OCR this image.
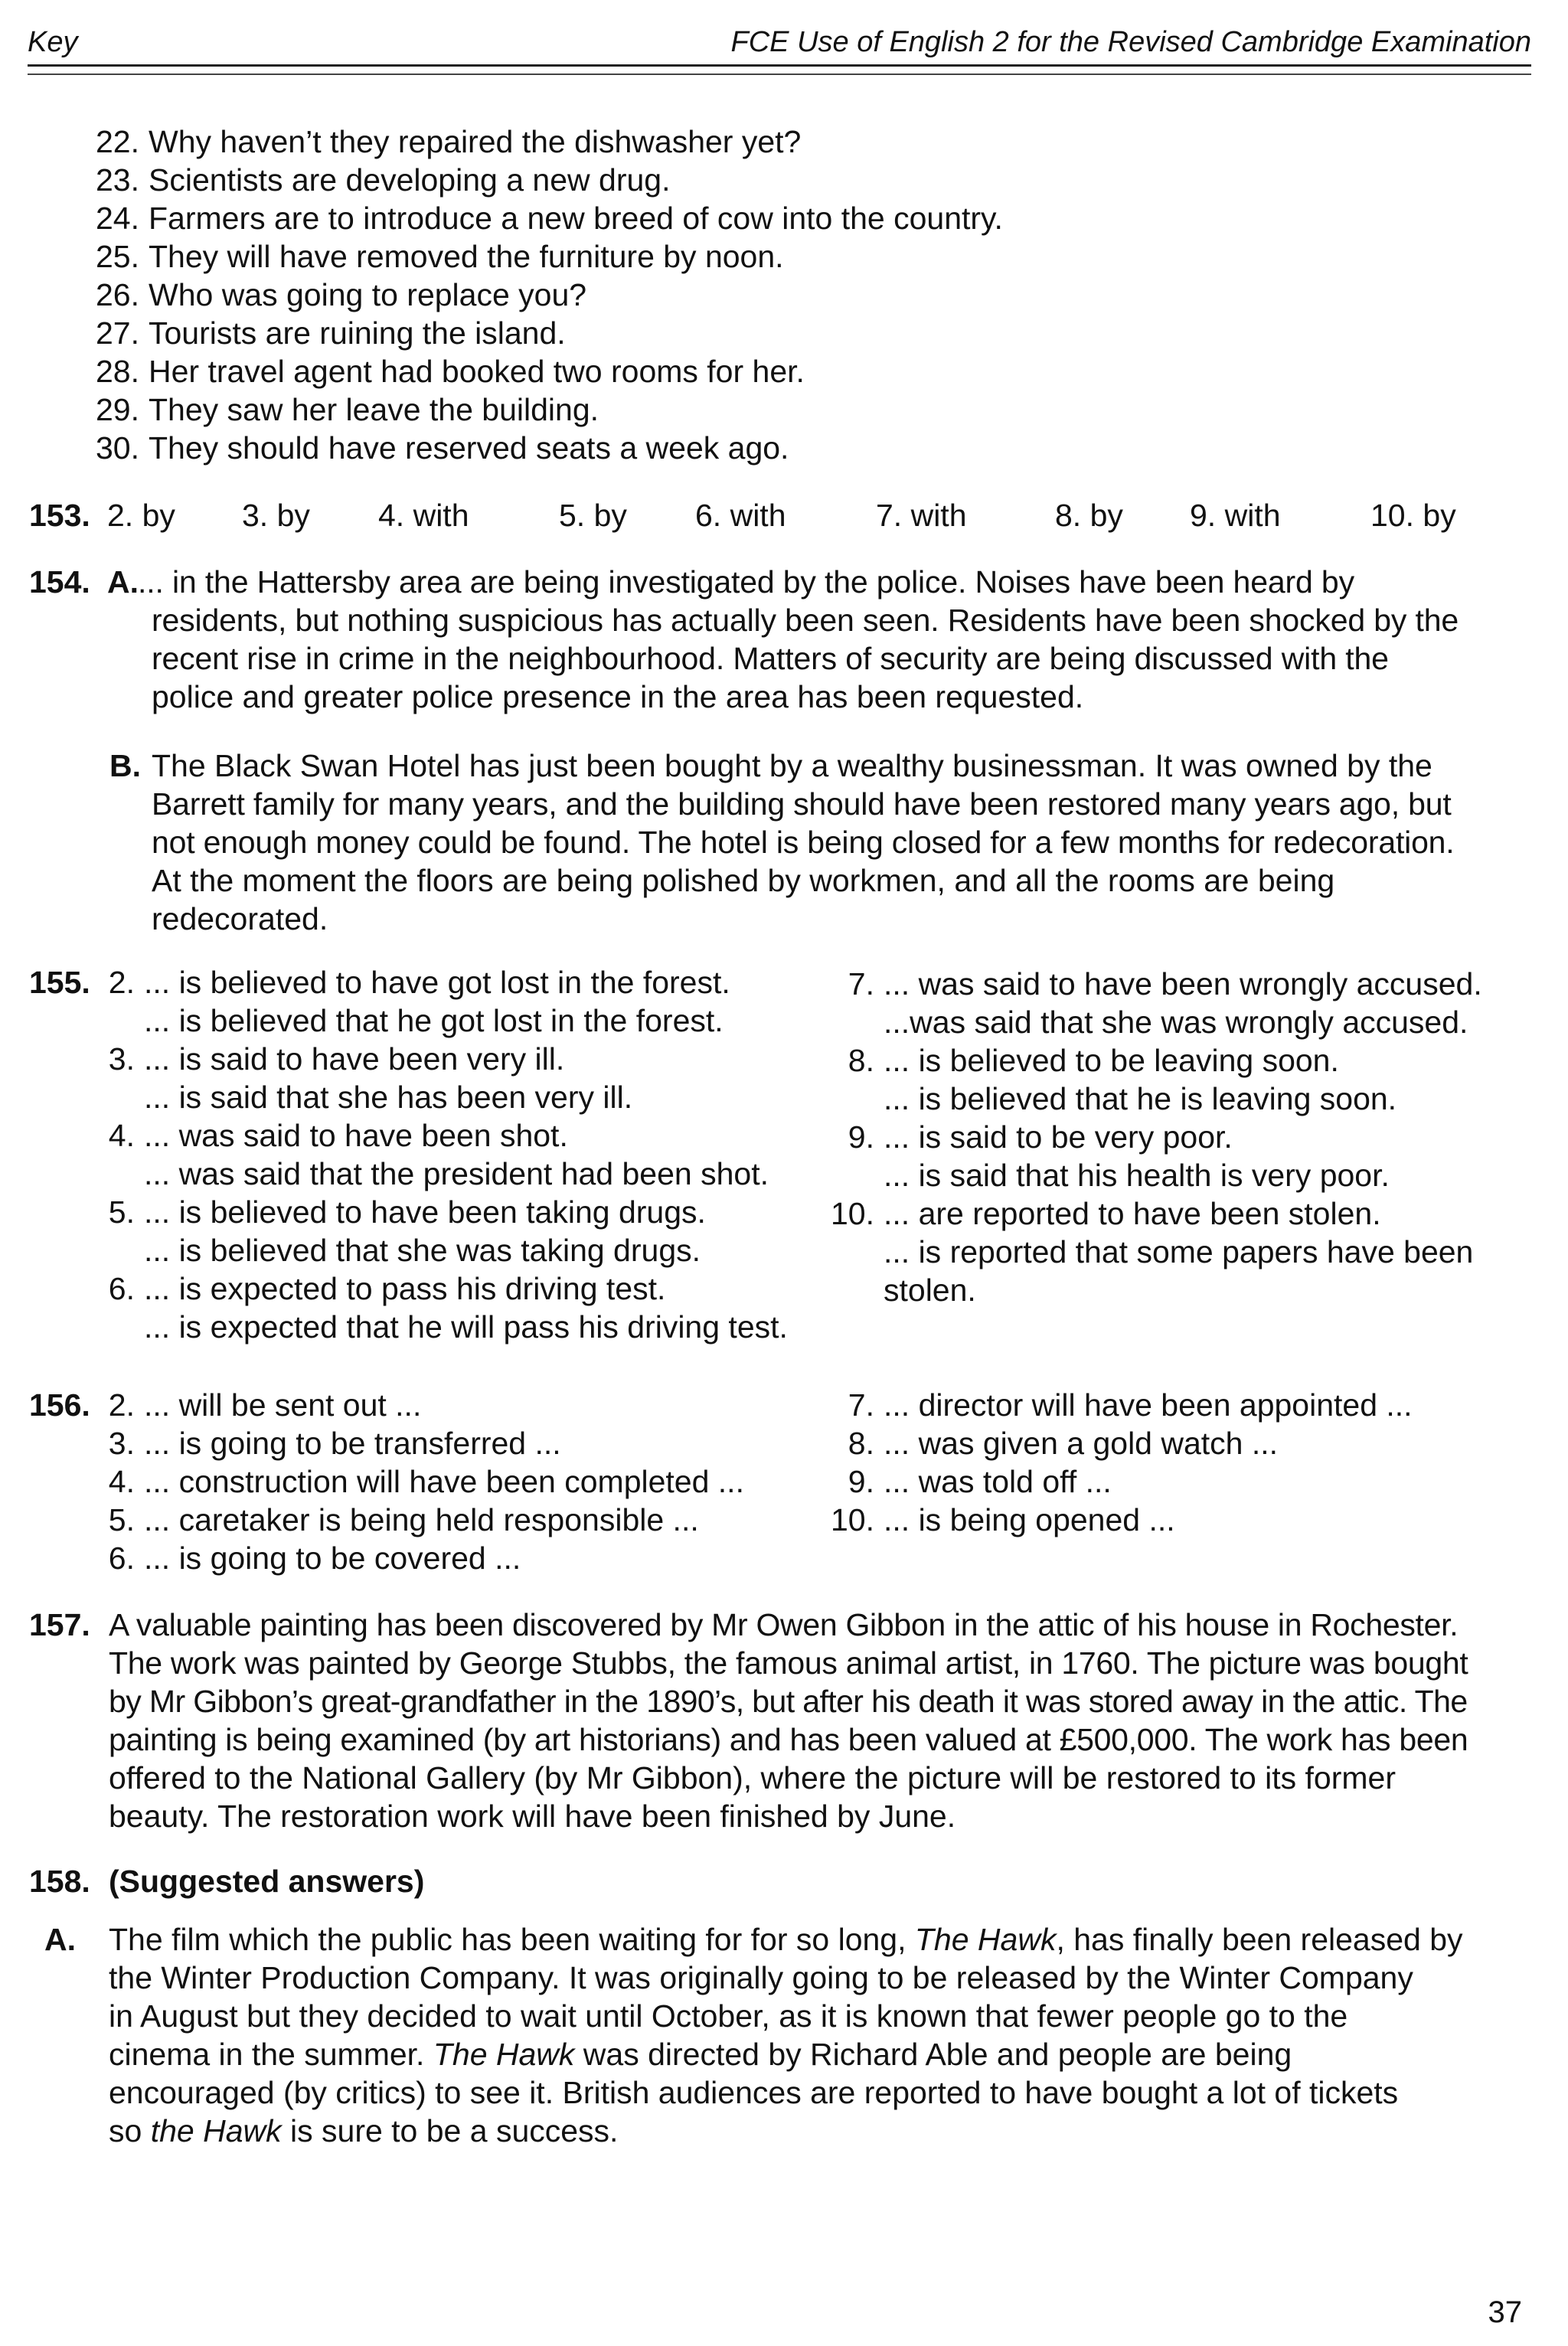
Key	FCE Use of English 2 for the Revised Cambridge Examination
22. Why haven’t they repaired the dishwasher yet?
23. Scientists are developing a new drug.
24. Farmers are to introduce a new breed of cow into the country.
25. They will have removed the furniture by noon.
26. Who was going to replace you?
27. Tourists are ruining the island.
28. Her travel agent had booked two rooms for her.
29. They saw her leave the building.
30. They should have reserved seats a week ago.
153. 2. by 3. by 4. with	5. by 6. with	7. with	8. by 9. with	10. by
154. A. ... in the Hattersby area are being investigated by the police. Noises have been heard by
residents, but nothing suspicious has actually been seen. Residents have been shocked by the
recent rise in crime in the neighbourhood. Matters of security are being discussed with the
police and greater police presence in the area has been requested.
B. The Black Swan Hotel has just been bought by a wealthy businessman. It was owned by the
Barrett family for many years, and the building should have been restored many years ago, but
not enough money could be found. The hotel is being closed for a few months for redecoration.
At the moment the floors are being polished by workmen, and all the rooms are being
redecorated.
155. 2. ... is believed to have got lost in the forest.
... is believed that he got lost in the forest.
3. ... is said to have been very ill.
... is said that she has been very ill.
4. ... was said to have been shot.
... was said that the president had been shot.
5. ... is believed to have been taking drugs.
... is believed that she was taking drugs.
6. ... is expected to pass his driving test.
... is expected that he will pass his driving test.
7. ... was said to have been wrongly accused.
...was said that she was wrongly accused.
8. ... is believed to be leaving soon.
... is believed that he is leaving soon.
9. ... is said to be very poor.
... is said that his health is very poor.
10. ... are reported to have been stolen.
... is reported that some papers have been
stolen.
156. 2. ... will be sent out ...
3. ... is going to be transferred ...
4. ... construction will have been completed ...
5. ... caretaker is being held responsible ...
6. ... is going to be covered ...
7. ... director will have been appointed ...
8. ... was given a gold watch ...
9. ... was told off ...
10. ... is being opened ...
157. A valuable painting has been discovered by Mr Owen Gibbon in the attic of his house in Rochester.
The work was painted by George Stubbs, the famous animal artist, in 1760. The picture was bought
by Mr Gibbon’s great-grandfather in the 1890’s, but after his death it was stored away in the attic. The
painting is being examined (by art historians) and has been valued at £500,000. The work has been
offered to the National Gallery (by Mr Gibbon), where the picture will be restored to its former
beauty. The restoration work will have been finished by June.
158. (Suggested answers)
A. The film which the public has been waiting for for so long, The Hawk, has finally been released by
the Winter Production Company. It was originally going to be released by the Winter Company
in August but they decided to wait until October, as it is known that fewer people go to the
cinema in the summer. The Hawk was directed by Richard Able and people are being
encouraged (by critics) to see it. British audiences are reported to have bought a lot of tickets
so the Hawk is sure to be a success.
37
